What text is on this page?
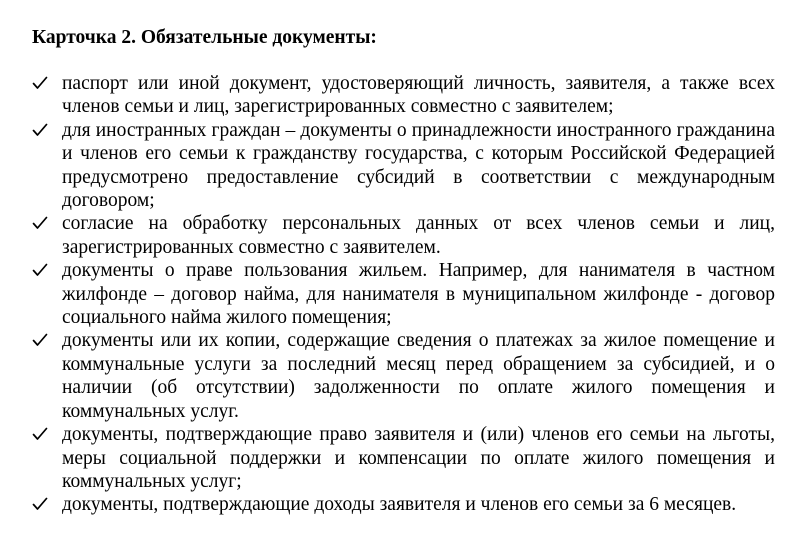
Карточка 2. Обязательные документы:
паспорт или иной документ, удостоверяющий личность, заявителя, а также всех членов семьи и лиц, зарегистрированных совместно с заявителем;
для иностранных граждан – документы о принадлежности иностранного гражданина и членов его семьи к гражданству государства, с которым Российской Федерацией предусмотрено предоставление субсидий в соответствии с международным договором;
согласие на обработку персональных данных от всех членов семьи и лиц, зарегистрированных совместно с заявителем.
документы о праве пользования жильем. Например, для нанимателя в частном жилфонде – договор найма, для нанимателя в муниципальном жилфонде - договор социального найма жилого помещения;
документы или их копии, содержащие сведения о платежах за жилое помещение и коммунальные услуги за последний месяц перед обращением за субсидией, и о наличии (об отсутствии) задолженности по оплате жилого помещения и коммунальных услуг.
документы, подтверждающие право заявителя и (или) членов его семьи на льготы, меры социальной поддержки и компенсации по оплате жилого помещения и коммунальных услуг;
документы, подтверждающие доходы заявителя и членов его семьи за 6 месяцев.
